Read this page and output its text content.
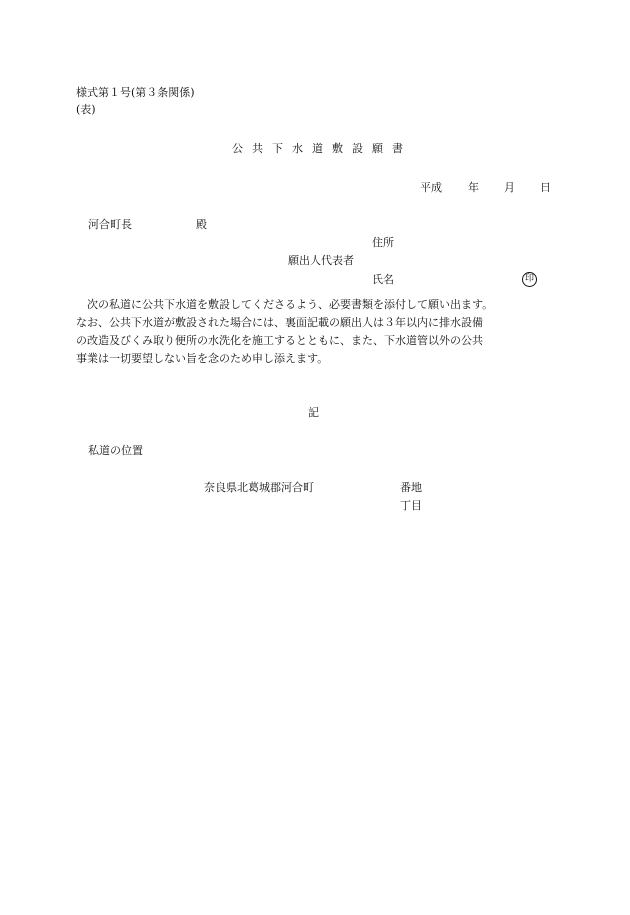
様式第１号(第３条関係)
(表)
公共下水道敷設願書
平成 年 月 日
河合町長	殿
住所
願出人代表者
氏名	印
　次の私道に公共下水道を敷設してくださるよう、必要書類を添付して願い出ます。
なお、公共下水道が敷設された場合には、裏面記載の願出人は３年以内に排水設備
の改造及びくみ取り便所の水洗化を施工するとともに、また、下水道管以外の公共
事業は一切要望しない旨を念のため申し添えます。
記
私道の位置
奈良県北葛城郡河合町	番地
丁目
